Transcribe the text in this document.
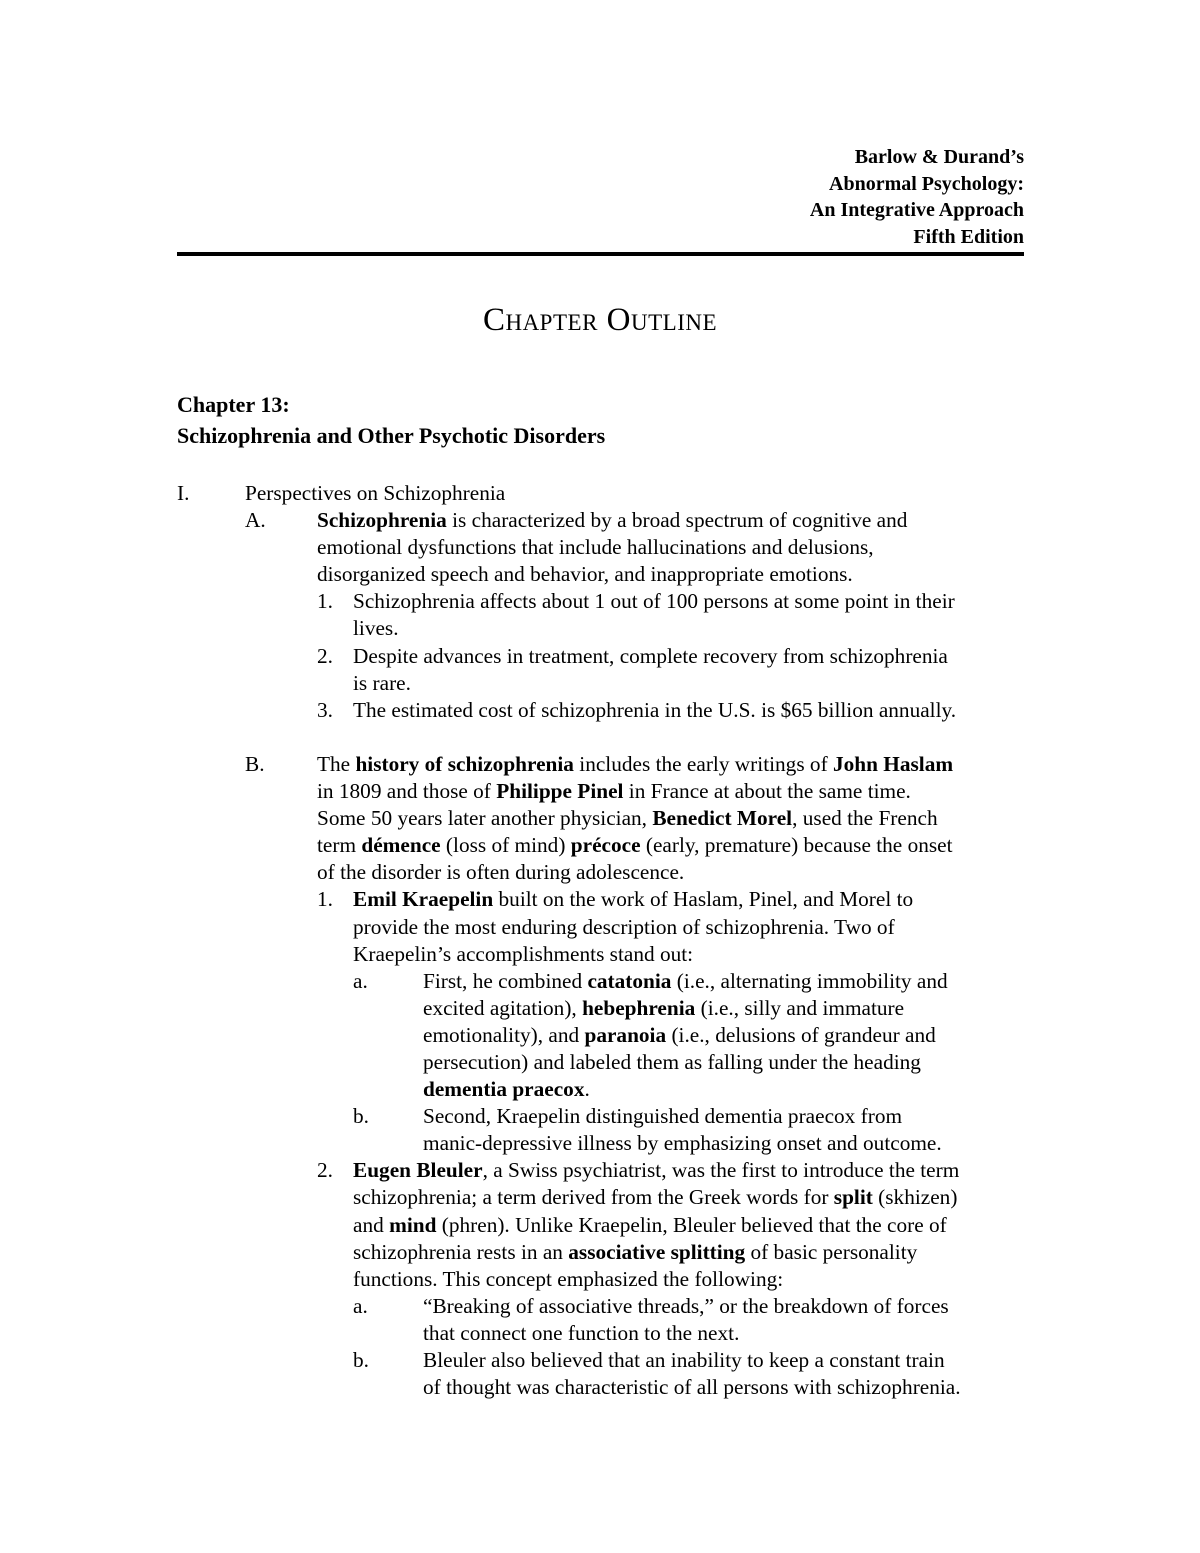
Barlow & Durand’s
Abnormal Psychology:
An Integrative Approach
Fifth Edition
Chapter Outline
Chapter 13:
Schizophrenia and Other Psychotic Disorders
I.	Perspectives on Schizophrenia
A. Schizophrenia is characterized by a broad spectrum of cognitive and
emotional dysfunctions that include hallucinations and delusions,
disorganized speech and behavior, and inappropriate emotions.
1. Schizophrenia affects about 1 out of 100 persons at some point in their
lives.
2. Despite advances in treatment, complete recovery from schizophrenia
is rare.
3. The estimated cost of schizophrenia in the U.S. is $65 billion annually.
B. The history of schizophrenia includes the early writings of John Haslam
in 1809 and those of Philippe Pinel in France at about the same time.
Some 50 years later another physician, Benedict Morel, used the French
term démence (loss of mind) précoce (early, premature) because the onset
of the disorder is often during adolescence.
1. Emil Kraepelin built on the work of Haslam, Pinel, and Morel to
provide the most enduring description of schizophrenia. Two of
Kraepelin’s accomplishments stand out:
a.	First, he combined catatonia (i.e., alternating immobility and
excited agitation), hebephrenia (i.e., silly and immature
emotionality), and paranoia (i.e., delusions of grandeur and
persecution) and labeled them as falling under the heading
dementia praecox.
b.	Second, Kraepelin distinguished dementia praecox from
manic-depressive illness by emphasizing onset and outcome.
2. Eugen Bleuler, a Swiss psychiatrist, was the first to introduce the term
schizophrenia; a term derived from the Greek words for split (skhizen)
and mind (phren). Unlike Kraepelin, Bleuler believed that the core of
schizophrenia rests in an associative splitting of basic personality
functions. This concept emphasized the following:
a.	“Breaking of associative threads,” or the breakdown of forces
that connect one function to the next.
b.	Bleuler also believed that an inability to keep a constant train
of thought was characteristic of all persons with schizophrenia.
